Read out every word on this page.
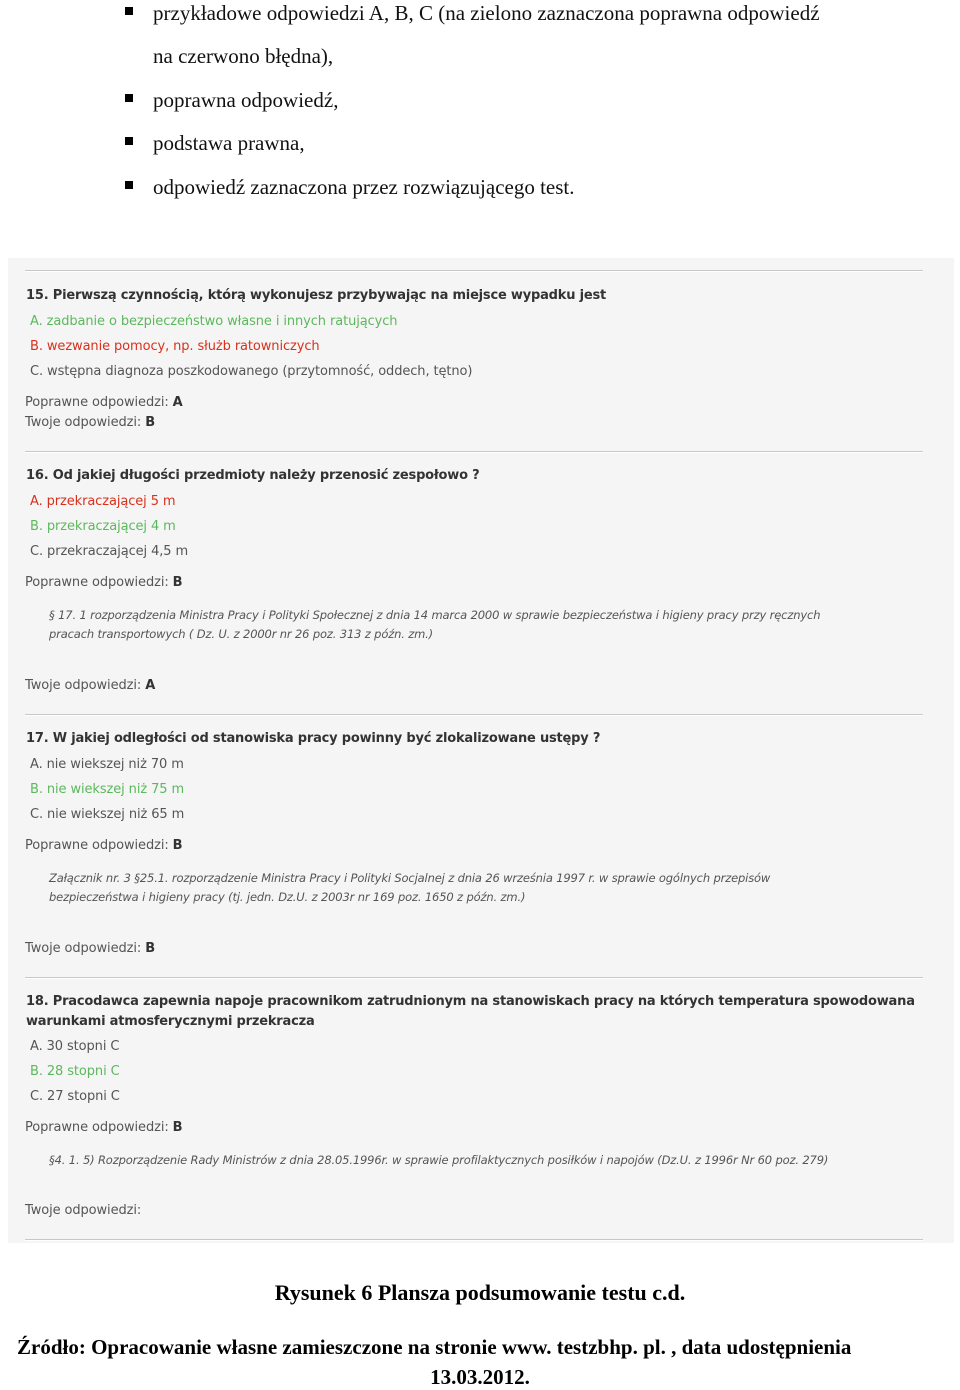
przykładowe odpowiedzi A, B, C (na zielono zaznaczona poprawna odpowiedź
na czerwono błędna),
poprawna odpowiedź,
podstawa prawna,
odpowiedź zaznaczona przez rozwiązującego test.
15. Pierwszą czynnością, którą wykonujesz przybywając na miejsce wypadku jest
A. zadbanie o bezpieczeństwo własne i innych ratujących
B. wezwanie pomocy, np. służb ratowniczych
C. wstępna diagnoza poszkodowanego (przytomność, oddech, tętno)
Poprawne odpowiedzi: A
Twoje odpowiedzi: B
16. Od jakiej długości przedmioty należy przenosić zespołowo ?
A. przekraczającej 5 m
B. przekraczającej 4 m
C. przekraczającej 4,5 m
Poprawne odpowiedzi: B
§ 17. 1 rozporządzenia Ministra Pracy i Polityki Społecznej z dnia 14 marca 2000 w sprawie bezpieczeństwa i higieny pracy przy ręcznych
pracach transportowych ( Dz. U. z 2000r nr 26 poz. 313 z późn. zm.)
Twoje odpowiedzi: A
17. W jakiej odległości od stanowiska pracy powinny być zlokalizowane ustępy ?
A. nie wiekszej niż 70 m
B. nie wiekszej niż 75 m
C. nie wiekszej niż 65 m
Poprawne odpowiedzi: B
Załącznik nr. 3 §25.1. rozporządzenie Ministra Pracy i Polityki Socjalnej z dnia 26 września 1997 r. w sprawie ogólnych przepisów
bezpieczeństwa i higieny pracy (tj. jedn. Dz.U. z 2003r nr 169 poz. 1650 z późn. zm.)
Twoje odpowiedzi: B
18. Pracodawca zapewnia napoje pracownikom zatrudnionym na stanowiskach pracy na których temperatura spowodowana
warunkami atmosferycznymi przekracza
A. 30 stopni C
B. 28 stopni C
C. 27 stopni C
Poprawne odpowiedzi: B
§4. 1. 5) Rozporządzenie Rady Ministrów z dnia 28.05.1996r. w sprawie profilaktycznych posiłków i napojów (Dz.U. z 1996r Nr 60 poz. 279)
Twoje odpowiedzi:
Rysunek 6 Plansza podsumowanie testu c.d.
Źródło: Opracowanie własne zamieszczone na stronie www. testzbhp. pl. , data udostępnienia
13.03.2012.
